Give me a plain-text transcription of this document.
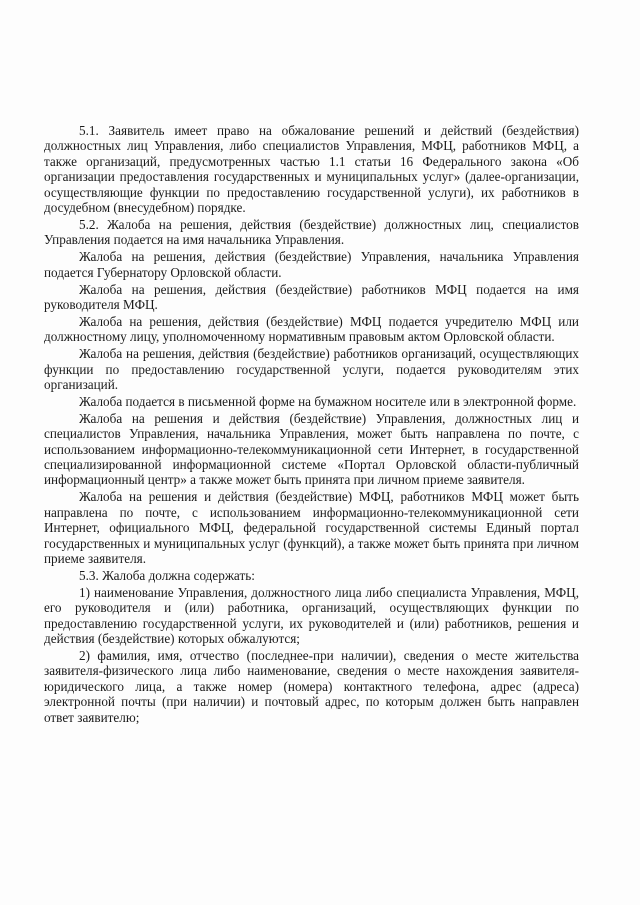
5.1. Заявитель имеет право на обжалование решений и действий (бездействия) должностных лиц Управления, либо специалистов Управления, МФЦ, работников МФЦ, а также организаций, предусмотренных частью 1.1 статьи 16 Федерального закона «Об организации предоставления государственных и муниципальных услуг» (далее-организации, осуществляющие функции по предоставлению государственной услуги), их работников в досудебном (внесудебном) порядке.

5.2. Жалоба на решения, действия (бездействие) должностных лиц, специалистов Управления подается на имя начальника Управления.

Жалоба на решения, действия (бездействие) Управления, начальника Управления подается Губернатору Орловской области.

Жалоба на решения, действия (бездействие) работников МФЦ подается на имя руководителя МФЦ.

Жалоба на решения, действия (бездействие) МФЦ подается учредителю МФЦ или должностному лицу, уполномоченному нормативным правовым актом Орловской области.

Жалоба на решения, действия (бездействие) работников организаций, осуществляющих функции по предоставлению государственной услуги, подается руководителям этих организаций.

Жалоба подается в письменной форме на бумажном носителе или в электронной форме.

Жалоба на решения и действия (бездействие) Управления, должностных лиц и специалистов Управления, начальника Управления, может быть направлена по почте, с использованием информационно-телекоммуникационной сети Интернет, в государственной специализированной информационной системе «Портал Орловской области-публичный информационный центр» а также может быть принята при личном приеме заявителя.

Жалоба на решения и действия (бездействие) МФЦ, работников МФЦ может быть направлена по почте, с использованием информационно-телекоммуникационной сети Интернет, официального МФЦ, федеральной государственной системы Единый портал государственных и муниципальных услуг (функций), а также может быть принята при личном приеме заявителя.

5.3. Жалоба должна содержать:

1) наименование Управления, должностного лица либо специалиста Управления, МФЦ, его руководителя и (или) работника, организаций, осуществляющих функции по предоставлению государственной услуги, их руководителей и (или) работников, решения и действия (бездействие) которых обжалуются;

2) фамилия, имя, отчество (последнее-при наличии), сведения о месте жительства заявителя-физического лица либо наименование, сведения о месте нахождения заявителя-юридического лица, а также номер (номера) контактного телефона, адрес (адреса) электронной почты (при наличии) и почтовый адрес, по которым должен быть направлен ответ заявителю;
